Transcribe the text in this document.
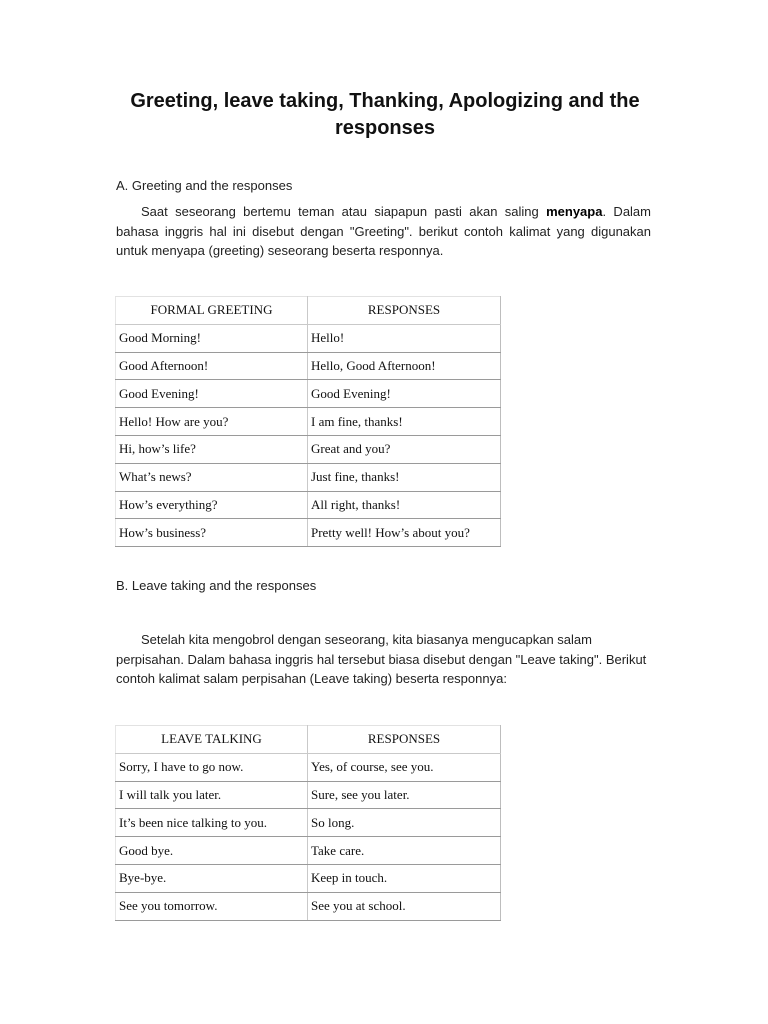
Greeting, leave taking, Thanking, Apologizing and the responses

A. Greeting and the responses

Saat seseorang bertemu teman atau siapapun pasti akan saling menyapa. Dalam bahasa inggris hal ini disebut dengan "Greeting". berikut contoh kalimat yang digunakan untuk menyapa (greeting) seseorang beserta responnya.

FORMAL GREETING	RESPONSES
Good Morning!	Hello!
Good Afternoon!	Hello, Good Afternoon!
Good Evening!	Good Evening!
Hello! How are you?	I am fine, thanks!
Hi, how’s life?	Great and you?
What’s news?	Just fine, thanks!
How’s everything?	All right, thanks!
How’s business?	Pretty well! How’s about you?

B. Leave taking and the responses

Setelah kita mengobrol dengan seseorang, kita biasanya mengucapkan salam perpisahan. Dalam bahasa inggris hal tersebut biasa disebut dengan "Leave taking". Berikut contoh kalimat salam perpisahan (Leave taking) beserta responnya:

LEAVE TALKING	RESPONSES
Sorry, I have to go now.	Yes, of course, see you.
I will talk you later.	Sure, see you later.
It’s been nice talking to you.	So long.
Good bye.	Take care.
Bye-bye.	Keep in touch.
See you tomorrow.	See you at school.
